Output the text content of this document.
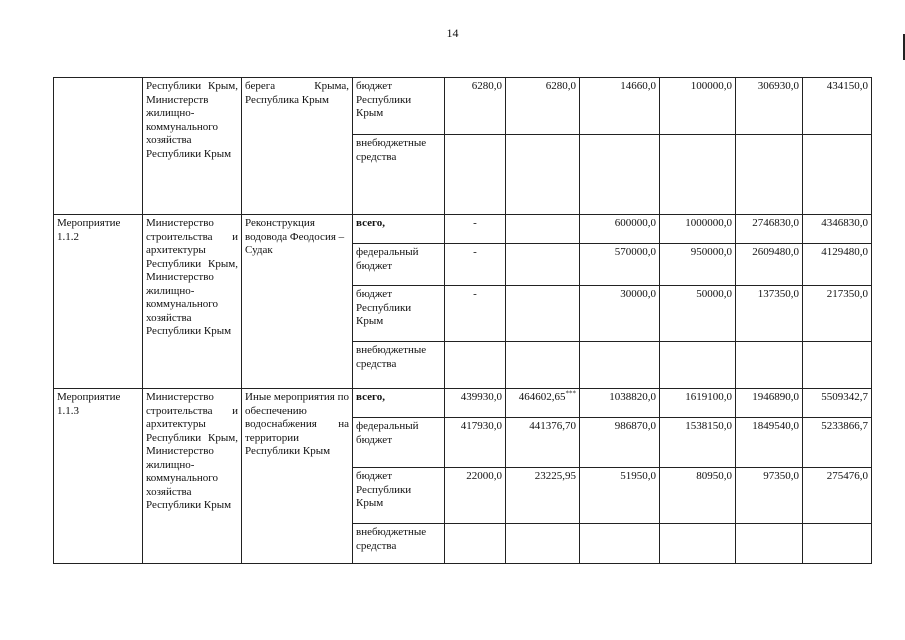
14
	Республики Крым, Министерств жилищно-коммунального хозяйства Республики Крым	берега Крыма, Республика Крым	бюджет Республики Крым	6280,0	6280,0	14660,0	100000,0	306930,0	434150,0
			внебюджетные средства						
Мероприятие 1.1.2	Министерство строительства и архитектуры Республики Крым, Министерство жилищно-коммунального хозяйства Республики Крым	Реконструкция водовода Феодосия – Судак	всего,	-		600000,0	1000000,0	2746830,0	4346830,0
			федеральный бюджет	-		570000,0	950000,0	2609480,0	4129480,0
			бюджет Республики Крым	-		30000,0	50000,0	137350,0	217350,0
			внебюджетные средства						
Мероприятие 1.1.3	Министерство строительства и архитектуры Республики Крым, Министерство жилищно-коммунального хозяйства Республики Крым	Иные мероприятия по обеспечению водоснабжения на территории Республики Крым	всего,	439930,0	464602,65***	1038820,0	1619100,0	1946890,0	5509342,7
			федеральный бюджет	417930,0	441376,70	986870,0	1538150,0	1849540,0	5233866,7
			бюджет Республики Крым	22000,0	23225,95	51950,0	80950,0	97350,0	275476,0
			внебюджетные средства						
